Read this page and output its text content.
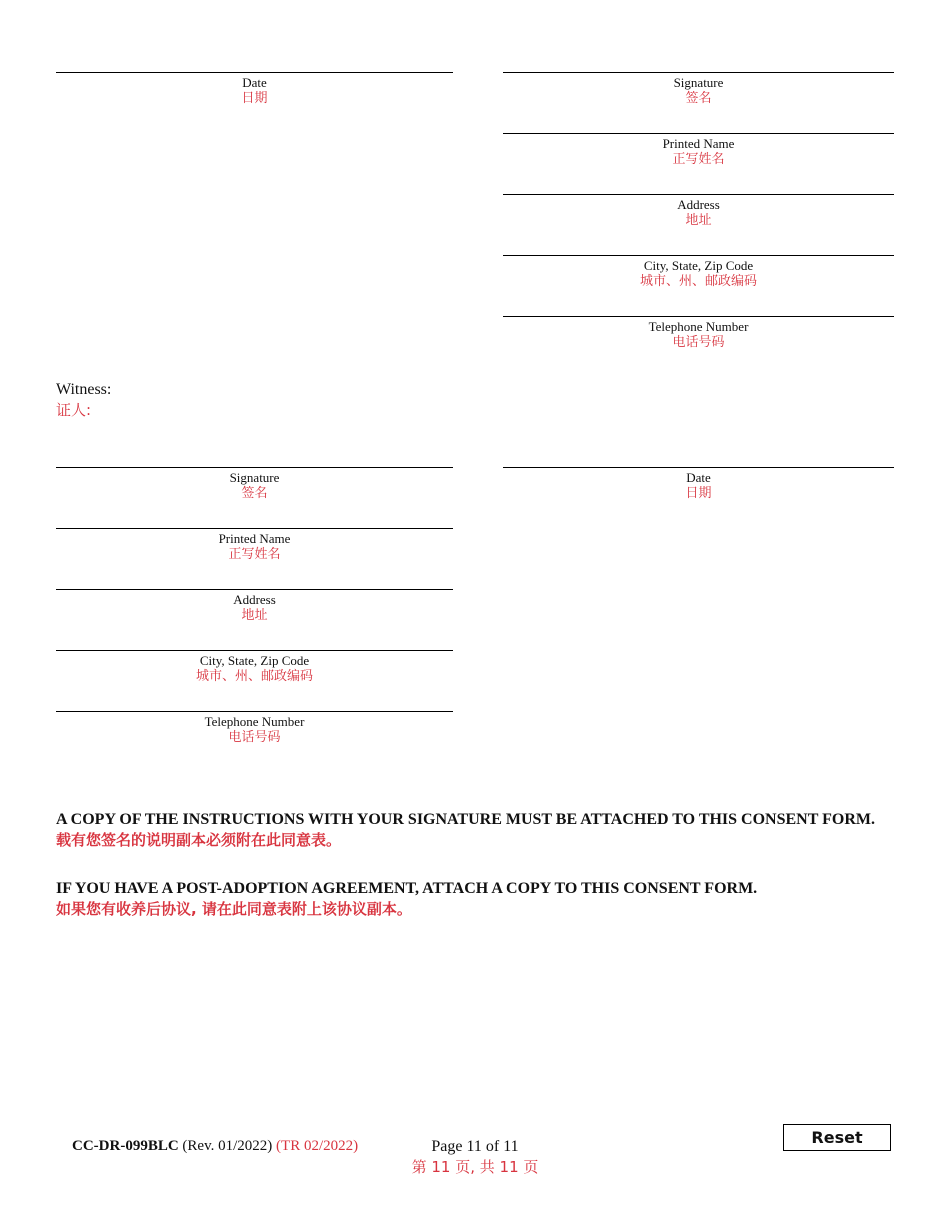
Date
日期
Signature
签名
Printed Name
正写姓名
Address
地址
City, State, Zip Code
城市、州、邮政编码
Telephone Number
电话号码
Witness:
证人:
Signature
签名
Printed Name
正写姓名
Address
地址
City, State, Zip Code
城市、州、邮政编码
Telephone Number
电话号码
Date
日期
A COPY OF THE INSTRUCTIONS WITH YOUR SIGNATURE MUST BE ATTACHED TO THIS CONSENT FORM.
载有您签名的说明副本必须附在此同意表。
IF YOU HAVE A POST-ADOPTION AGREEMENT, ATTACH A COPY TO THIS CONSENT FORM.
如果您有收养后协议, 请在此同意表附上该协议副本。
CC-DR-099BLC (Rev. 01/2022) (TR 02/2022)	Page 11 of 11
第 11 页, 共 11 页
Reset
